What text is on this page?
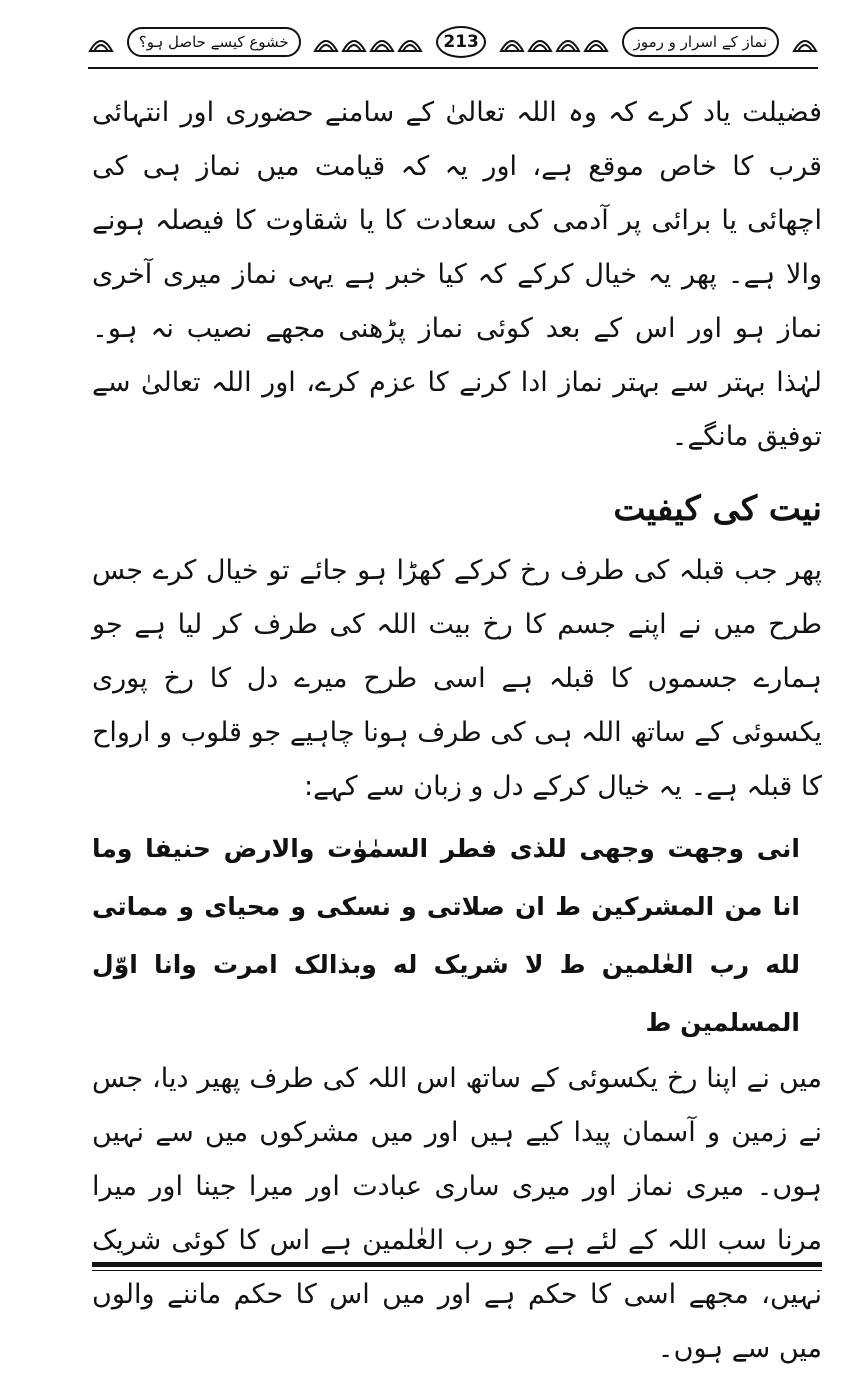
نماز کے اسرار و رموز
213
خشوع کیسے حاصل ہو؟

فضیلت یاد کرے کہ وہ اللہ تعالیٰ کے سامنے حضوری اور انتہائی قرب کا خاص موقع ہے، اور یہ کہ قیامت میں نماز ہی کی اچھائی یا برائی پر آدمی کی سعادت کا یا شقاوت کا فیصلہ ہونے والا ہے۔ پھر یہ خیال کرکے کہ کیا خبر ہے یہی نماز میری آخری نماز ہو اور اس کے بعد کوئی نماز پڑھنی مجھے نصیب نہ ہو۔ لہٰذا بہتر سے بہتر نماز ادا کرنے کا عزم کرے، اور اللہ تعالیٰ سے توفیق مانگے۔

نیت کی کیفیت

پھر جب قبلہ کی طرف رخ کرکے کھڑا ہو جائے تو خیال کرے جس طرح میں نے اپنے جسم کا رخ بیت اللہ کی طرف کر لیا ہے جو ہمارے جسموں کا قبلہ ہے اسی طرح میرے دل کا رخ پوری یکسوئی کے ساتھ اللہ ہی کی طرف ہونا چاہیے جو قلوب و ارواح کا قبلہ ہے۔ یہ خیال کرکے دل و زبان سے کہے:

انی وجهت وجهی للذی فطر السمٰوٰت والارض حنیفا وما انا من المشرکین ط ان صلاتی و نسکی و محیای و مماتی لله رب العٰلمین ط لا شریک له وبذالک امرت وانا اوّل المسلمین ط

میں نے اپنا رخ یکسوئی کے ساتھ اس اللہ کی طرف پھیر دیا، جس نے زمین و آسمان پیدا کیے ہیں اور میں مشرکوں میں سے نہیں ہوں۔ میری نماز اور میری ساری عبادت اور میرا جینا اور میرا مرنا سب اللہ کے لئے ہے جو رب العٰلمین ہے اس کا کوئی شریک نہیں، مجھے اسی کا حکم ہے اور میں اس کا حکم ماننے والوں میں سے ہوں۔
